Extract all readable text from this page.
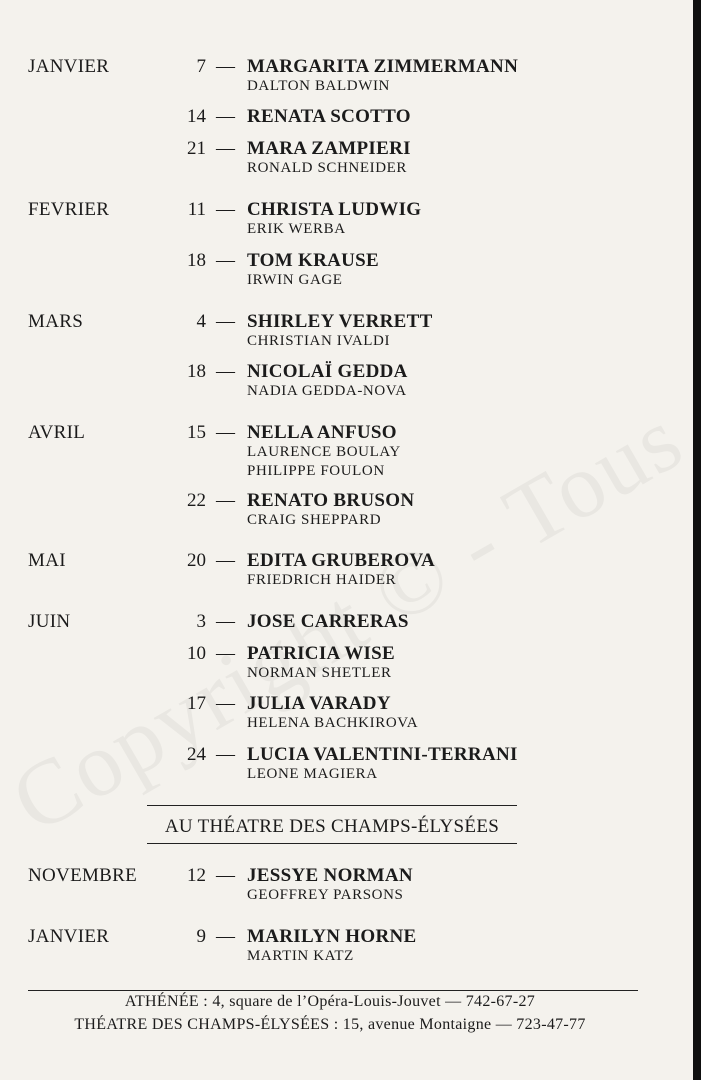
JANVIER	7 — MARGARITA ZIMMERMANN
DALTON BALDWIN
14 — RENATA SCOTTO
21 — MARA ZAMPIERI
RONALD SCHNEIDER
FEVRIER	11 — CHRISTA LUDWIG
ERIK WERBA
18 — TOM KRAUSE
IRWIN GAGE
MARS	4 — SHIRLEY VERRETT
CHRISTIAN IVALDI
18 — NICOLAÏ GEDDA
NADIA GEDDA-NOVA
AVRIL	15 — NELLA ANFUSO
LAURENCE BOULAY
PHILIPPE FOULON
22 — RENATO BRUSON
CRAIG SHEPPARD
MAI	20 — EDITA GRUBEROVA
FRIEDRICH HAIDER
JUIN	3 — JOSE CARRERAS
10 — PATRICIA WISE
NORMAN SHETLER
17 — JULIA VARADY
HELENA BACHKIROVA
24 — LUCIA VALENTINI-TERRANI
LEONE MAGIERA
AU THÉATRE DES CHAMPS-ÉLYSÉES
NOVEMBRE	12 — JESSYE NORMAN
GEOFFREY PARSONS
JANVIER	9 — MARILYN HORNE
MARTIN KATZ
ATHÉNÉE : 4, square de l’Opéra-Louis-Jouvet — 742-67-27
THÉATRE DES CHAMPS-ÉLYSÉES : 15, avenue Montaigne — 723-47-77
